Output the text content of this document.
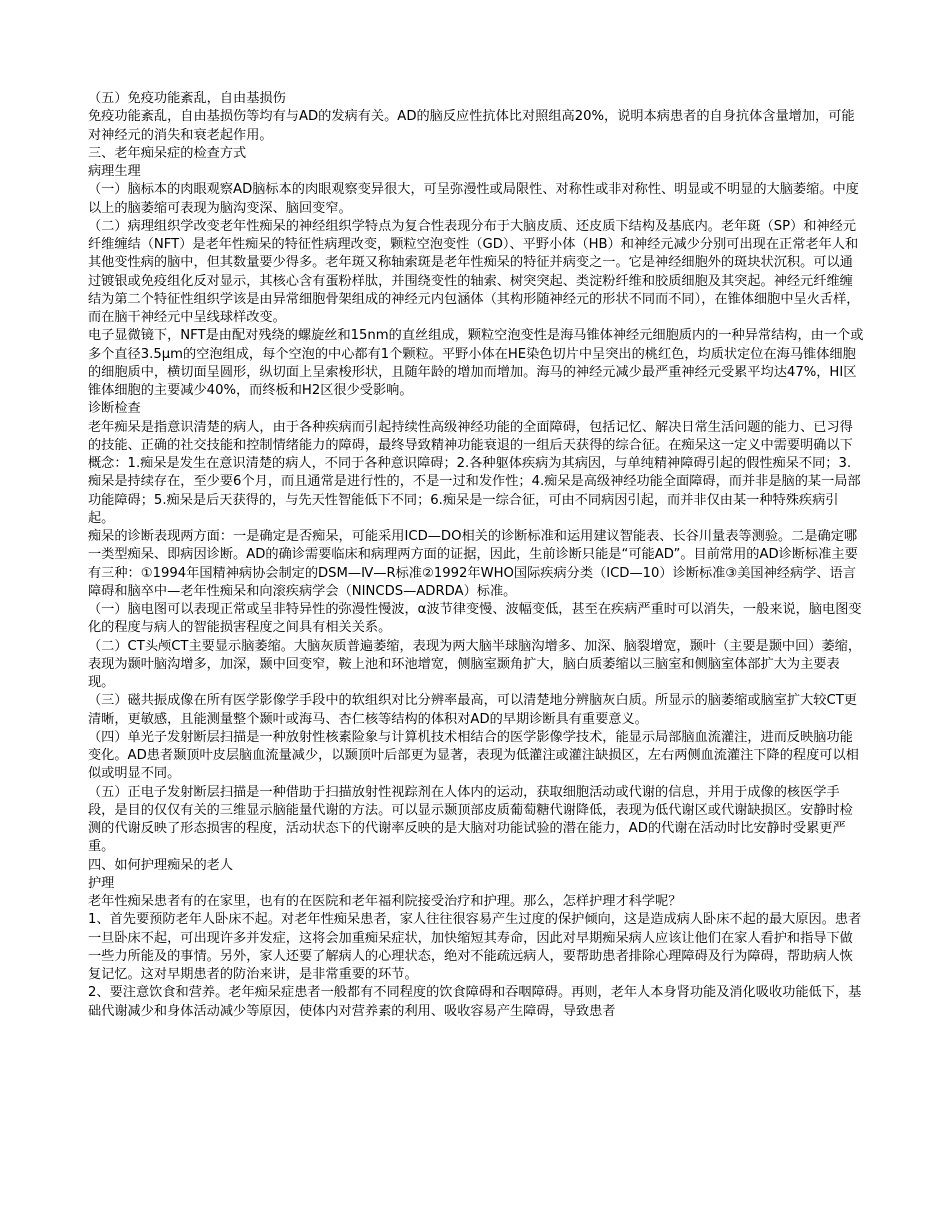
（五）免疫功能紊乱，自由基损伤

免疫功能紊乱，自由基损伤等均有与AD的发病有关。AD的脑反应性抗体比对照组高20%，说明本病患者的自身抗体含量增加，可能对神经元的消失和衰老起作用。

三、老年痴呆症的检查方式

病理生理

（一）脑标本的肉眼观察AD脑标本的肉眼观察变异很大，可呈弥漫性或局限性、对称性或非对称性、明显或不明显的大脑萎缩。中度以上的脑萎缩可表现为脑沟变深、脑回变窄。

（二）病理组织学改变老年性痴呆的神经组织学特点为复合性表现分布于大脑皮质、还皮质下结构及基底内。老年斑（SP）和神经元纤维缠结（NFT）是老年性痴呆的特征性病理改变，颗粒空泡变性（GD）、平野小体（HB）和神经元减少分别可出现在正常老年人和其他变性病的脑中，但其数量要少得多。老年斑又称轴索斑是老年性痴呆的特征并病变之一。它是神经细胞外的斑块状沉积。可以通过镀银或免疫组化反对显示，其核心含有蛋粉样肽，并围绕变性的轴索、树突突起、类淀粉纤维和胶质细胞及其突起。神经元纤维缠结为第二个特征性组织学该是由异常细胞骨架组成的神经元内包涵体（其构形随神经元的形状不同而不同），在锥体细胞中呈火舌样，而在脑干神经元中呈线球样改变。

电子显微镜下，NFT是由配对残绕的螺旋丝和15nm的直丝组成，颗粒空泡变性是海马锥体神经元细胞质内的一种异常结构，由一个或多个直径3.5μm的空泡组成，每个空泡的中心都有1个颗粒。平野小体在HE染色切片中呈突出的桃红色，均质状定位在海马锥体细胞的细胞质中，横切面呈圆形，纵切面上呈索梭形状，且随年龄的增加而增加。海马的神经元减少最严重神经元受累平均达47%，HI区锥体细胞的主要减少40%，而终板和H2区很少受影响。

诊断检查

老年痴呆是指意识清楚的病人，由于各种疾病而引起持续性高级神经功能的全面障碍，包括记忆、解决日常生活问题的能力、已习得的技能、正确的社交技能和控制情绪能力的障碍，最终导致精神功能衰退的一组后天获得的综合征。在痴呆这一定义中需要明确以下概念：1.痴呆是发生在意识清楚的病人，不同于各种意识障碍；2.各种躯体疾病为其病因，与单纯精神障碍引起的假性痴呆不同；3.痴呆是持续存在，至少要6个月，而且通常是进行性的，不是一过和发作性；4.痴呆是高级神经功能全面障碍，而并非是脑的某一局部功能障碍；5.痴呆是后天获得的，与先天性智能低下不同；6.痴呆是一综合征，可由不同病因引起，而并非仅由某一种特殊疾病引起。

痴呆的诊断表现两方面：一是确定是否痴呆，可能采用ICD—DO相关的诊断标准和运用建议智能表、长谷川量表等测验。二是确定哪一类型痴呆、即病因诊断。AD的确诊需要临床和病理两方面的证据，因此，生前诊断只能是“可能AD”。目前常用的AD诊断标准主要有三种：①1994年国精神病协会制定的DSM—Ⅳ—R标准②1992年WHO国际疾病分类（ICD—10）诊断标准③美国神经病学、语言障碍和脑卒中—老年性痴呆和向滚疾病学会（NINCDS—ADRDA）标准。

（一）脑电图可以表现正常或呈非特异性的弥漫性慢波，α波节律变慢、波幅变低，甚至在疾病严重时可以消失，一般来说，脑电图变化的程度与病人的智能损害程度之间具有相关关系。

（二）CT头颅CT主要显示脑萎缩。大脑灰质普遍萎缩，表现为两大脑半球脑沟增多、加深、脑裂增宽，颞叶（主要是颞中回）萎缩，表现为颞叶脑沟增多，加深，颞中回变窄，鞍上池和环池增宽，侧脑室颞角扩大，脑白质萎缩以三脑室和侧脑室体部扩大为主要表现。

（三）磁共振成像在所有医学影像学手段中的软组织对比分辨率最高，可以清楚地分辨脑灰白质。所显示的脑萎缩或脑室扩大较CT更清晰，更敏感，且能测量整个颞叶或海马、杏仁核等结构的体积对AD的早期诊断具有重要意义。

（四）单光子发射断层扫描是一种放射性核素险象与计算机技术相结合的医学影像学技术，能显示局部脑血流灌注，进而反映脑功能变化。AD患者颞顶叶皮层脑血流量减少，以颞顶叶后部更为显著，表现为低灌注或灌注缺损区，左右两侧血流灌注下降的程度可以相似或明显不同。

（五）正电子发射断层扫描是一种借助于扫描放射性视踪剂在人体内的运动，获取细胞活动或代谢的信息，并用于成像的核医学手段，是目的仅仅有关的三维显示脑能量代谢的方法。可以显示颞顶部皮质葡萄糖代谢降低，表现为低代谢区或代谢缺损区。安静时检测的代谢反映了形态损害的程度，活动状态下的代谢率反映的是大脑对功能试验的潜在能力，AD的代谢在活动时比安静时受累更严重。

四、如何护理痴呆的老人

护理

老年性痴呆患者有的在家里，也有的在医院和老年福利院接受治疗和护理。那么，怎样护理才科学呢？

1、首先要预防老年人卧床不起。对老年性痴呆患者，家人往往很容易产生过度的保护倾向，这是造成病人卧床不起的最大原因。患者一旦卧床不起，可出现许多并发症，这将会加重痴呆症状，加快缩短其寿命，因此对早期痴呆病人应该让他们在家人看护和指导下做一些力所能及的事情。另外，家人还要了解病人的心理状态，绝对不能疏远病人，要帮助患者排除心理障碍及行为障碍，帮助病人恢复记忆。这对早期患者的防治来讲，是非常重要的环节。

2、要注意饮食和营养。老年痴呆症患者一般都有不同程度的饮食障碍和吞咽障碍。再则，老年人本身肾功能及消化吸收功能低下，基础代谢减少和身体活动减少等原因，使体内对营养素的利用、吸收容易产生障碍，导致患者
